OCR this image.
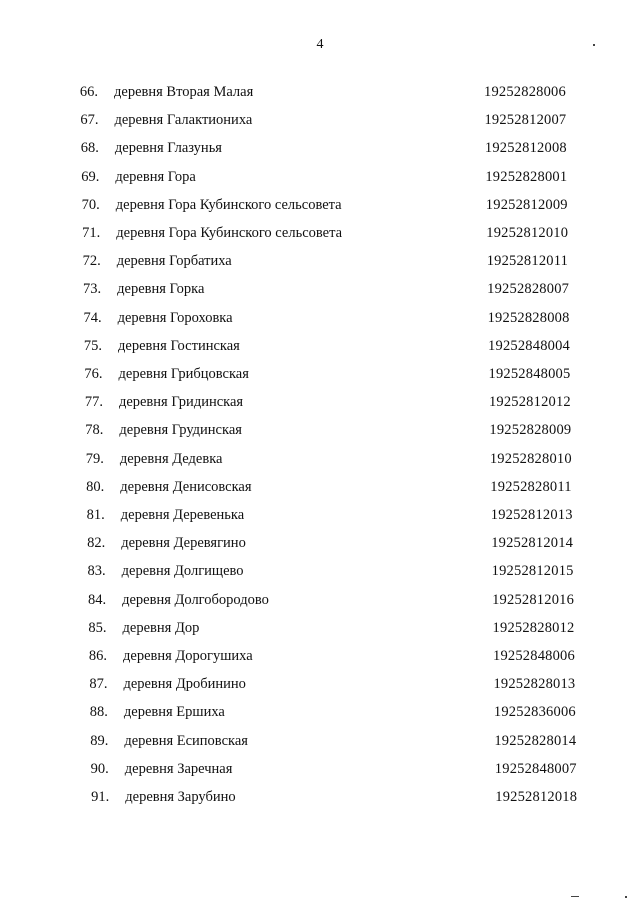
4
66. деревня Вторая Малая	19252828006
67. деревня Галактиониха	19252812007
68. деревня Глазунья	19252812008
69. деревня Гора	19252828001
70. деревня Гора Кубинского сельсовета	19252812009
71. деревня Гора Кубинского сельсовета	19252812010
72. деревня Горбатиха	19252812011
73. деревня Горка	19252828007
74. деревня Гороховка	19252828008
75. деревня Гостинская	19252848004
76. деревня Грибцовская	19252848005
77. деревня Гридинская	19252812012
78. деревня Грудинская	19252828009
79. деревня Дедевка	19252828010
80. деревня Денисовская	19252828011
81. деревня Деревенька	19252812013
82. деревня Деревягино	19252812014
83. деревня Долгищево	19252812015
84. деревня Долгобородово	19252812016
85. деревня Дор	19252828012
86. деревня Дорогушиха	19252848006
87. деревня Дробинино	19252828013
88. деревня Ершиха	19252836006
89. деревня Есиповская	19252828014
90. деревня Заречная	19252848007
91. деревня Зарубино	19252812018
